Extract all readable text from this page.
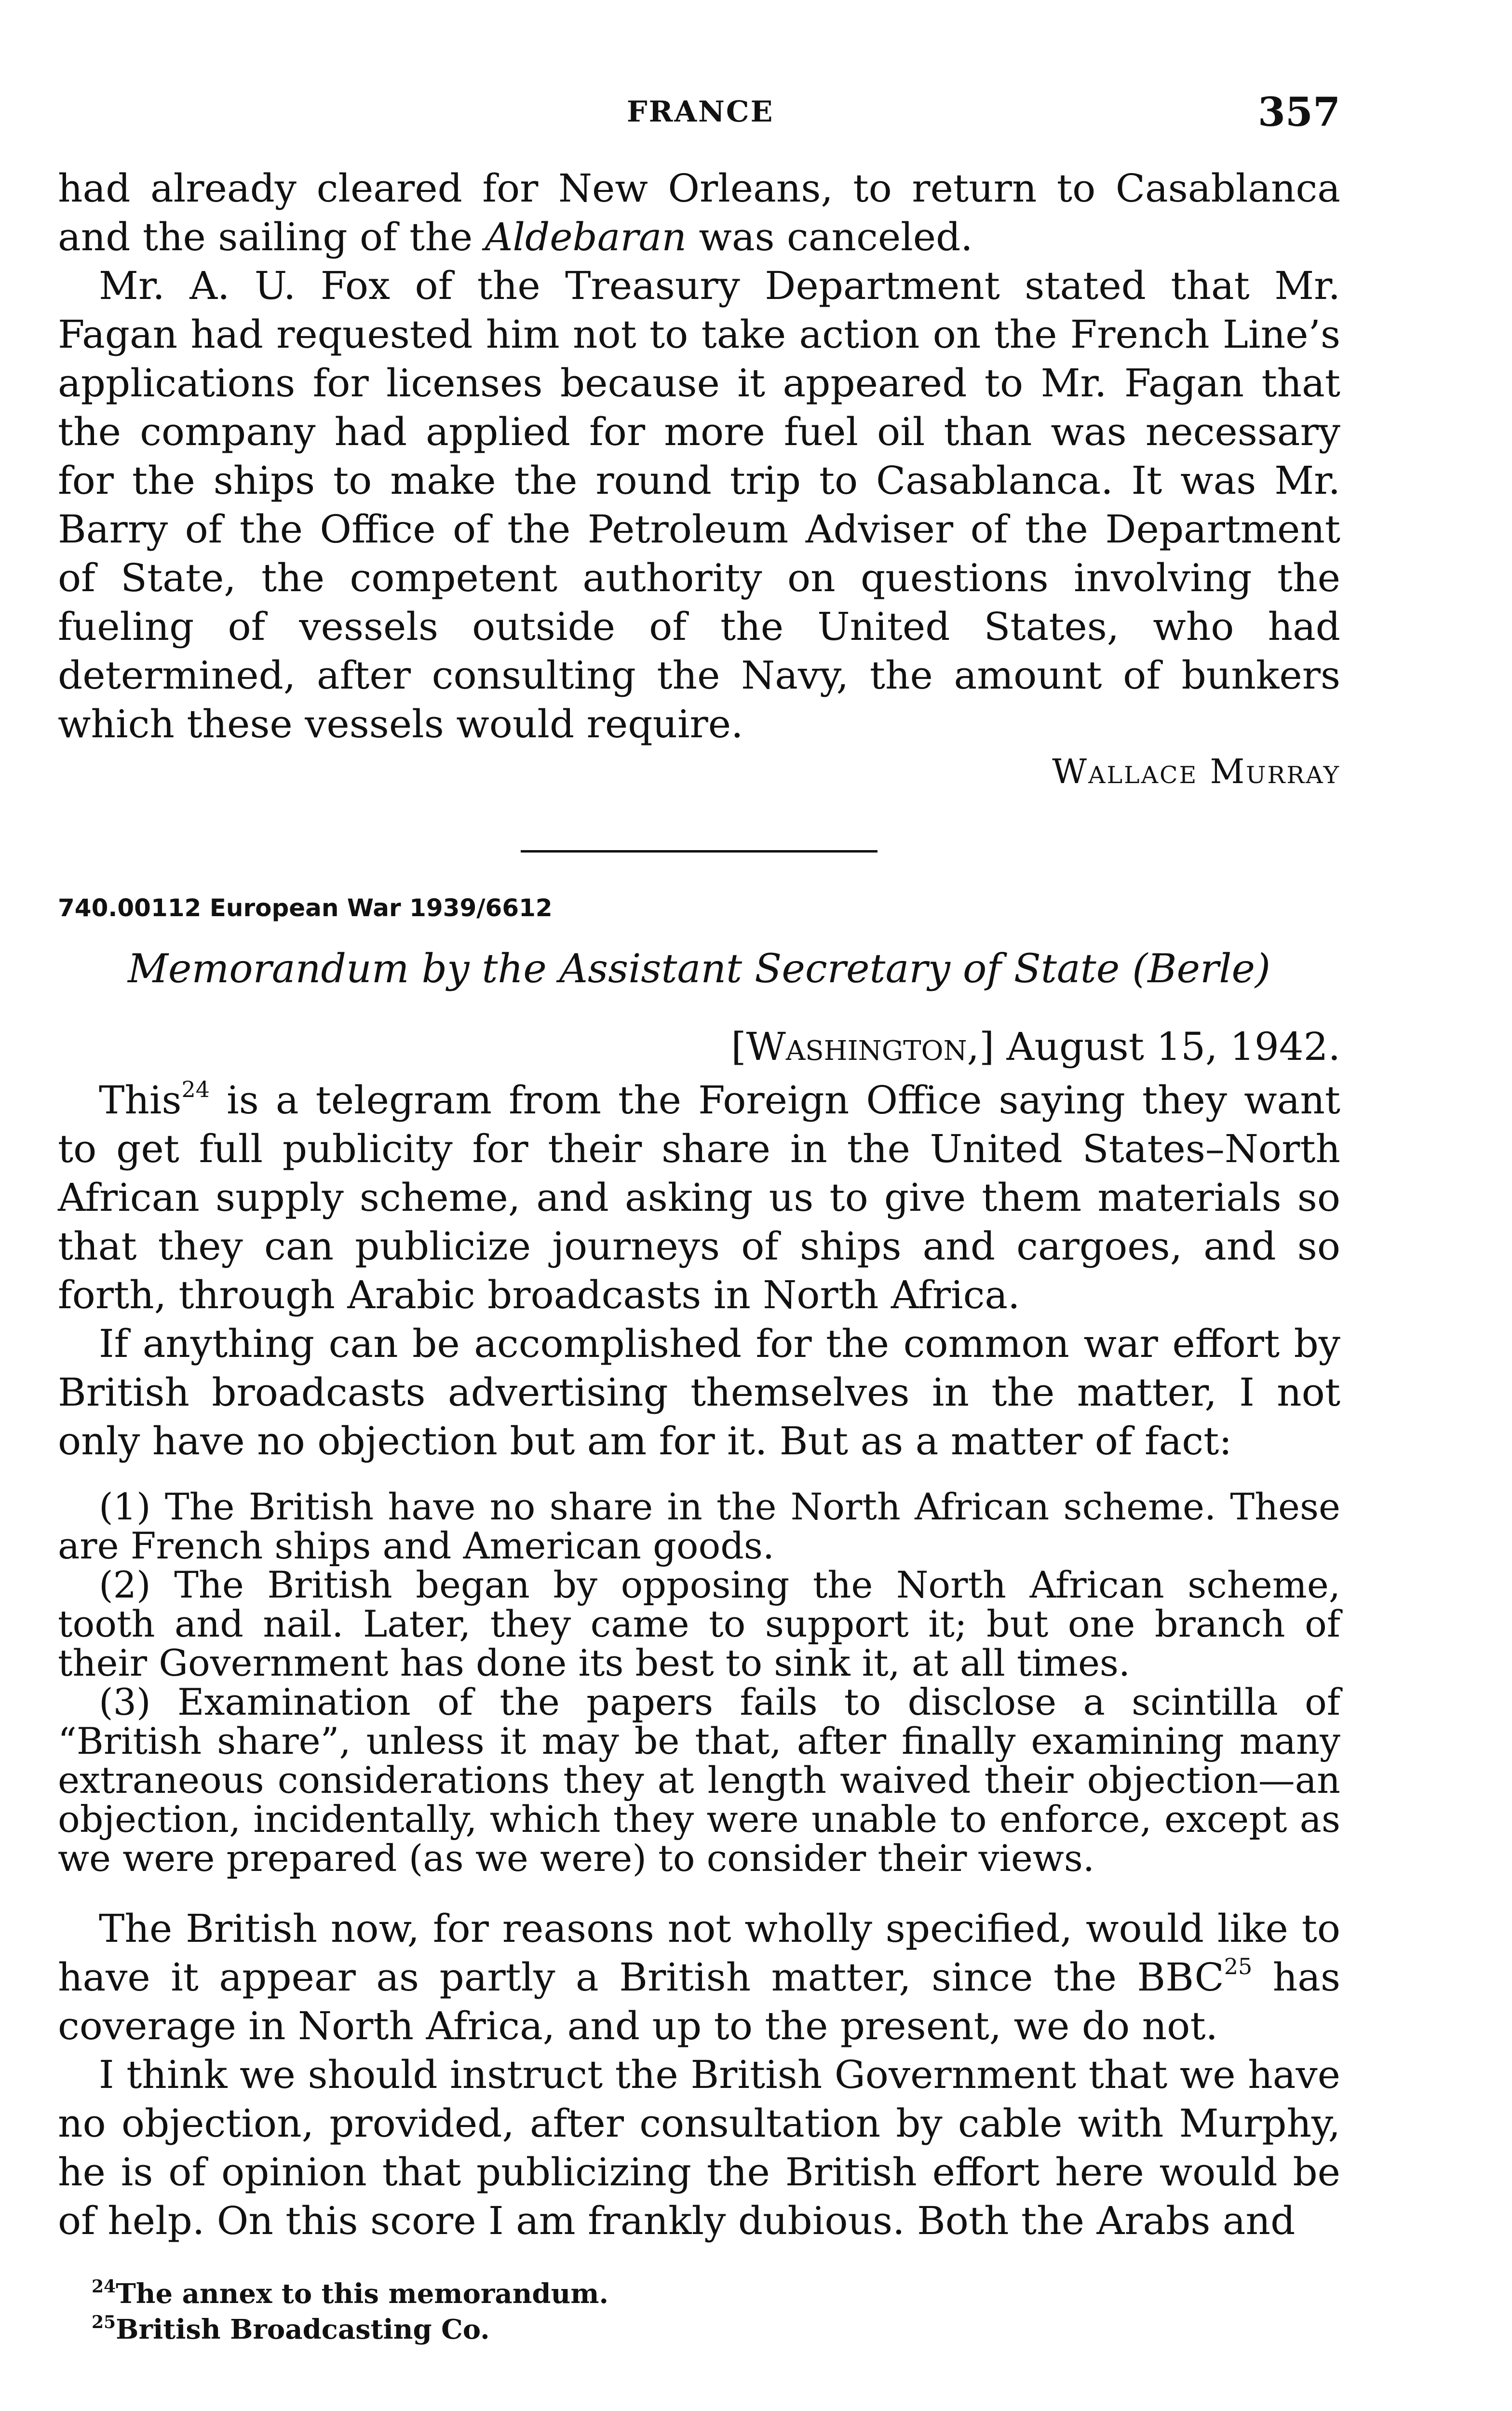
FRANCE	357

had already cleared for New Orleans, to return to Casablanca and the sailing of the Aldebaran was canceled.

Mr. A. U. Fox of the Treasury Department stated that Mr. Fagan had requested him not to take action on the French Line’s applications for licenses because it appeared to Mr. Fagan that the company had applied for more fuel oil than was necessary for the ships to make the round trip to Casablanca. It was Mr. Barry of the Office of the Petroleum Adviser of the Department of State, the competent authority on questions involving the fueling of vessels outside of the United States, who had determined, after consulting the Navy, the amount of bunkers which these vessels would require.

Wallace Murray
740.00112 European War 1939/6612
Memorandum by the Assistant Secretary of State (Berle)
[Washington,] August 15, 1942.

This$^{24}$ is a telegram from the Foreign Office saying they want to get full publicity for their share in the United States–North African supply scheme, and asking us to give them materials so that they can publicize journeys of ships and cargoes, and so forth, through Arabic broadcasts in North Africa.

If anything can be accomplished for the common war effort by British broadcasts advertising themselves in the matter, I not only have no objection but am for it. But as a matter of fact:

(1) The British have no share in the North African scheme. These are French ships and American goods.

(2) The British began by opposing the North African scheme, tooth and nail. Later, they came to support it; but one branch of their Government has done its best to sink it, at all times.

(3) Examination of the papers fails to disclose a scintilla of “British share”, unless it may be that, after finally examining many extraneous considerations they at length waived their objection—an objection, incidentally, which they were unable to enforce, except as we were prepared (as we were) to consider their views.

The British now, for reasons not wholly specified, would like to have it appear as partly a British matter, since the BBC$^{25}$ has coverage in North Africa, and up to the present, we do not.

I think we should instruct the British Government that we have no objection, provided, after consultation by cable with Murphy, he is of opinion that publicizing the British effort here would be of help. On this score I am frankly dubious. Both the Arabs and

$^{24}$The annex to this memorandum.
$^{25}$British Broadcasting Co.
